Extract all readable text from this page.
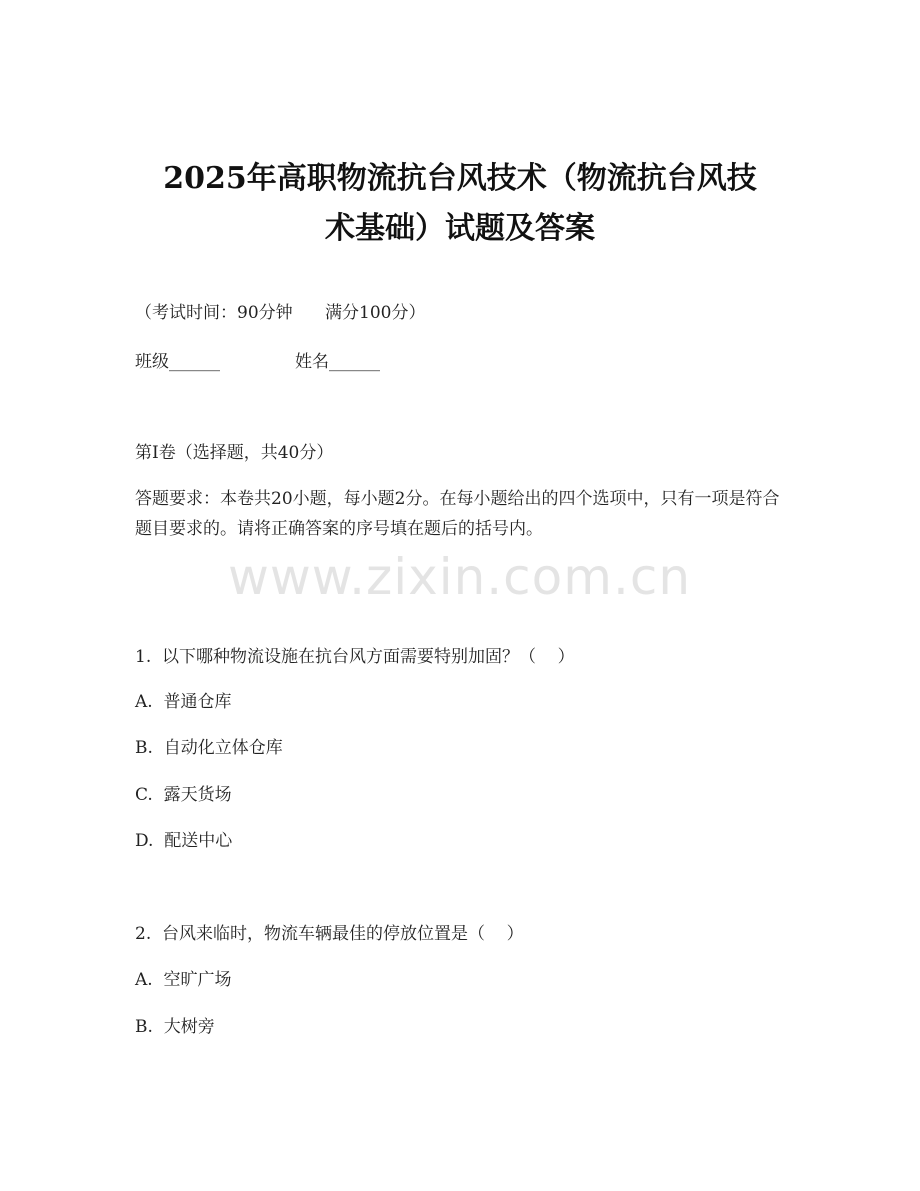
2025年高职物流抗台风技术（物流抗台风技
术基础）试题及答案
（考试时间：90分钟      满分100分）
班级______	姓名______
第I卷（选择题，共40分）
答题要求：本卷共20小题，每小题2分。在每小题给出的四个选项中，只有一项是符合题目要求的。请将正确答案的序号填在题后的括号内。
www.zixin.com.cn
1.  以下哪种物流设施在抗台风方面需要特别加固？（    ）
A.  普通仓库
B.  自动化立体仓库
C.  露天货场
D.  配送中心
2.  台风来临时，物流车辆最佳的停放位置是（    ）
A.  空旷广场
B.  大树旁
